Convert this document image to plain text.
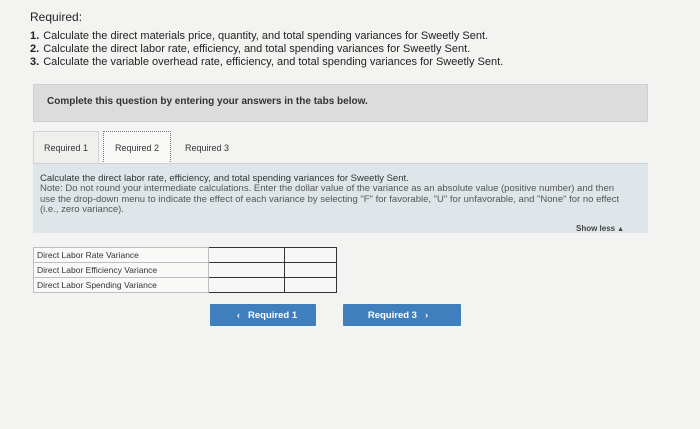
Required:
1. Calculate the direct materials price, quantity, and total spending variances for Sweetly Sent.
2. Calculate the direct labor rate, efficiency, and total spending variances for Sweetly Sent.
3. Calculate the variable overhead rate, efficiency, and total spending variances for Sweetly Sent.
Complete this question by entering your answers in the tabs below.
Required 1	Required 2	Required 3
Calculate the direct labor rate, efficiency, and total spending variances for Sweetly Sent.
Note: Do not round your intermediate calculations. Enter the dollar value of the variance as an absolute value (positive number) and then use the drop-down menu to indicate the effect of each variance by selecting "F" for favorable, "U" for unfavorable, and "None" for no effect (i.e., zero variance).
Show less ▲
Direct Labor Rate Variance		
Direct Labor Efficiency Variance		
Direct Labor Spending Variance		
‹ Required 1	Required 3 ›
